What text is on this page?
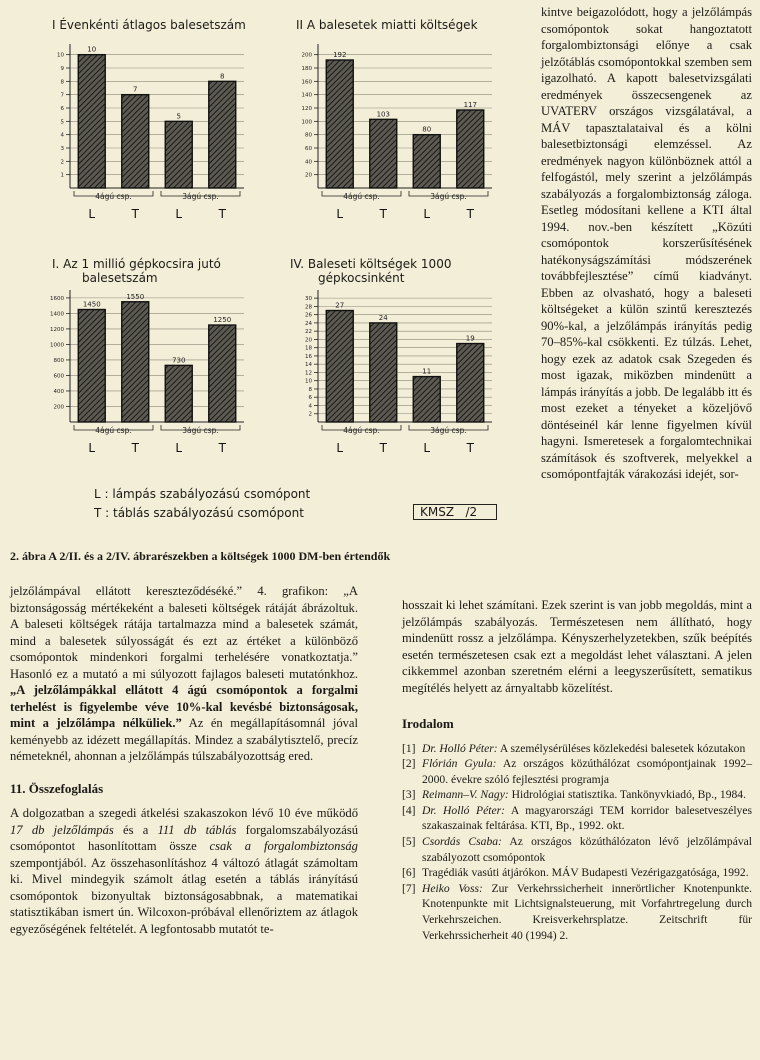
I Évenkénti átlagos balesetszám	II A balesetek miatti költségek
I. Az 1 millió gépkocsira jutó
balesetszám
IV. Baleseti költségek 1000
gépkocsinként
1
2
3
4
5
6
7
8
9
10
10
L
7
T
5
L
8
T
4ágú csp.	3ágú csp.
20
40
60
80
100
120
140
160
180
200	192
L
103
T
80
L
117
T
4ágú csp.	3ágú csp.
200
400
600
800
1000
1200
1400
1600
1450
L
1550
T
730
L
1250
T
4ágú csp.	3ágú csp.
2
4
6
8
10
12
14
16
18
20
22
24
26
28
30
27
L
24
T
11
L
19
T
4ágú csp.	3ágú csp.
L : lámpás szabályozású csomópont
T : táblás szabályozású csomópont	KMSZ   /2
2. ábra A 2/II. és a 2/IV. ábrarészekben a költségek 1000 DM-ben értendők
kintve beigazolódott, hogy a jelzőlámpás csomópontok sokat hangoztatott forgalombiztonsági előnye a csak jelzőtáblás csomópontokkal szemben sem igazolható. A kapott balesetvizsgálati eredmények összecsengenek az UVATERV országos vizsgálatával, a MÁV tapasztalataival és a kölni balesetbiztonsági elemzéssel. Az eredmények nagyon különböznek attól a felfogástól, mely szerint a jelzőlámpás szabályozás a forgalombiztonság záloga. Esetleg módosítani kellene a KTI által 1994. nov.-ben készített „Közúti csomópontok korszerűsítésének hatékonyságszámítási módszerének továbbfejlesztése” című kiadványt. Ebben az olvasható, hogy a baleseti költségeket a külön szintű keresztezés 90%-kal, a jelzőlámpás irányítás pedig 70–85%-kal csökkenti. Ez túlzás. Lehet, hogy ezek az adatok csak Szegeden és most igazak, miközben mindenütt a lámpás irányítás a jobb. De legalább itt és most ezeket a tényeket a közeljövő döntéseinél kár lenne figyelmen kívül hagyni. Ismeretesek a forgalomtechnikai számítások és szoftverek, melyekkel a csomópontfajták várakozási idejét, sor-

hosszait ki lehet számítani. Ezek szerint is van jobb megoldás, mint a jelzőlámpás szabályozás. Természetesen nem állítható, hogy mindenütt rossz a jelzőlámpa. Kényszerhelyzetekben, szűk beépítés esetén természetesen csak ezt a megoldást lehet választani. A jelen cikkemmel azonban szeretném elérni a leegyszerűsített, sematikus megítélés helyett az árnyaltabb közelítést.

Irodalom

[1] Dr. Holló Péter: A személysérüléses közlekedési balesetek kózutakon

[2] Flórián Gyula: Az országos közúthálózat csomópontjainak 1992–2000. évekre szóló fejlesztési programja

[3] Reimann–V. Nagy: Hidrológiai statisztika. Tankönyvkiadó, Bp., 1984.

[4] Dr. Holló Péter: A magyarországi TEM korridor balesetveszélyes szakaszainak feltárása. KTI, Bp., 1992. okt.

[5] Csordás Csaba: Az országos közúthálózaton lévő jelzőlámpával szabályozott csomópontok

[6] Tragédiák vasúti átjárókon. MÁV Budapesti Vezérigazgatósága, 1992.

[7] Heiko Voss: Zur Verkehrssicherheit innerörtlicher Knotenpunkte. Knotenpunkte mit Lichtsignalsteuerung, mit Vorfahrtregelung durch Verkehrszeichen. Kreisverkehrsplatze. Zeitschrift für Verkehrssicherheit 40 (1994) 2.

jelzőlámpával ellátott kereszteződéséké.” 4. grafikon: „A biztonságosság mértékeként a baleseti költségek rátáját ábrázoltuk. A baleseti költségek rátája tartalmazza mind a balesetek számát, mind a balesetek súlyosságát és ezt az értéket a különböző csomópontok mindenkori forgalmi terhelésére vonatkoztatja.” Hasonló ez a mutató a mi súlyozott fajlagos baleseti mutatónkhoz. „A jelzőlámpákkal ellátott 4 ágú csomópontok a forgalmi terhelést is figyelembe véve 10%-kal kevésbé biztonságosak, mint a jelzőlámpa nélküliek.” Az én megállapításomnál jóval keményebb az idézett megállapítás. Mindez a szabálytisztelő, precíz németeknél, ahonnan a jelzőlámpás túlszabályozottság ered.

11. Összefoglalás

A dolgozatban a szegedi átkelési szakaszokon lévő 10 éve működő 17 db jelzőlámpás és a 111 db táblás forgalomszabályozású csomópontot hasonlítottam össze csak a forgalombiztonság szempontjából. Az összehasonlításhoz 4 változó átlagát számoltam ki. Mivel mindegyik számolt átlag esetén a táblás irányítású csomópontok bizonyultak biztonságosabbnak, a matematikai statisztikában ismert ún. Wilcoxon-próbával ellenőriztem az átlagok egyezőségének feltételét. A legfontosabb mutatót te-
